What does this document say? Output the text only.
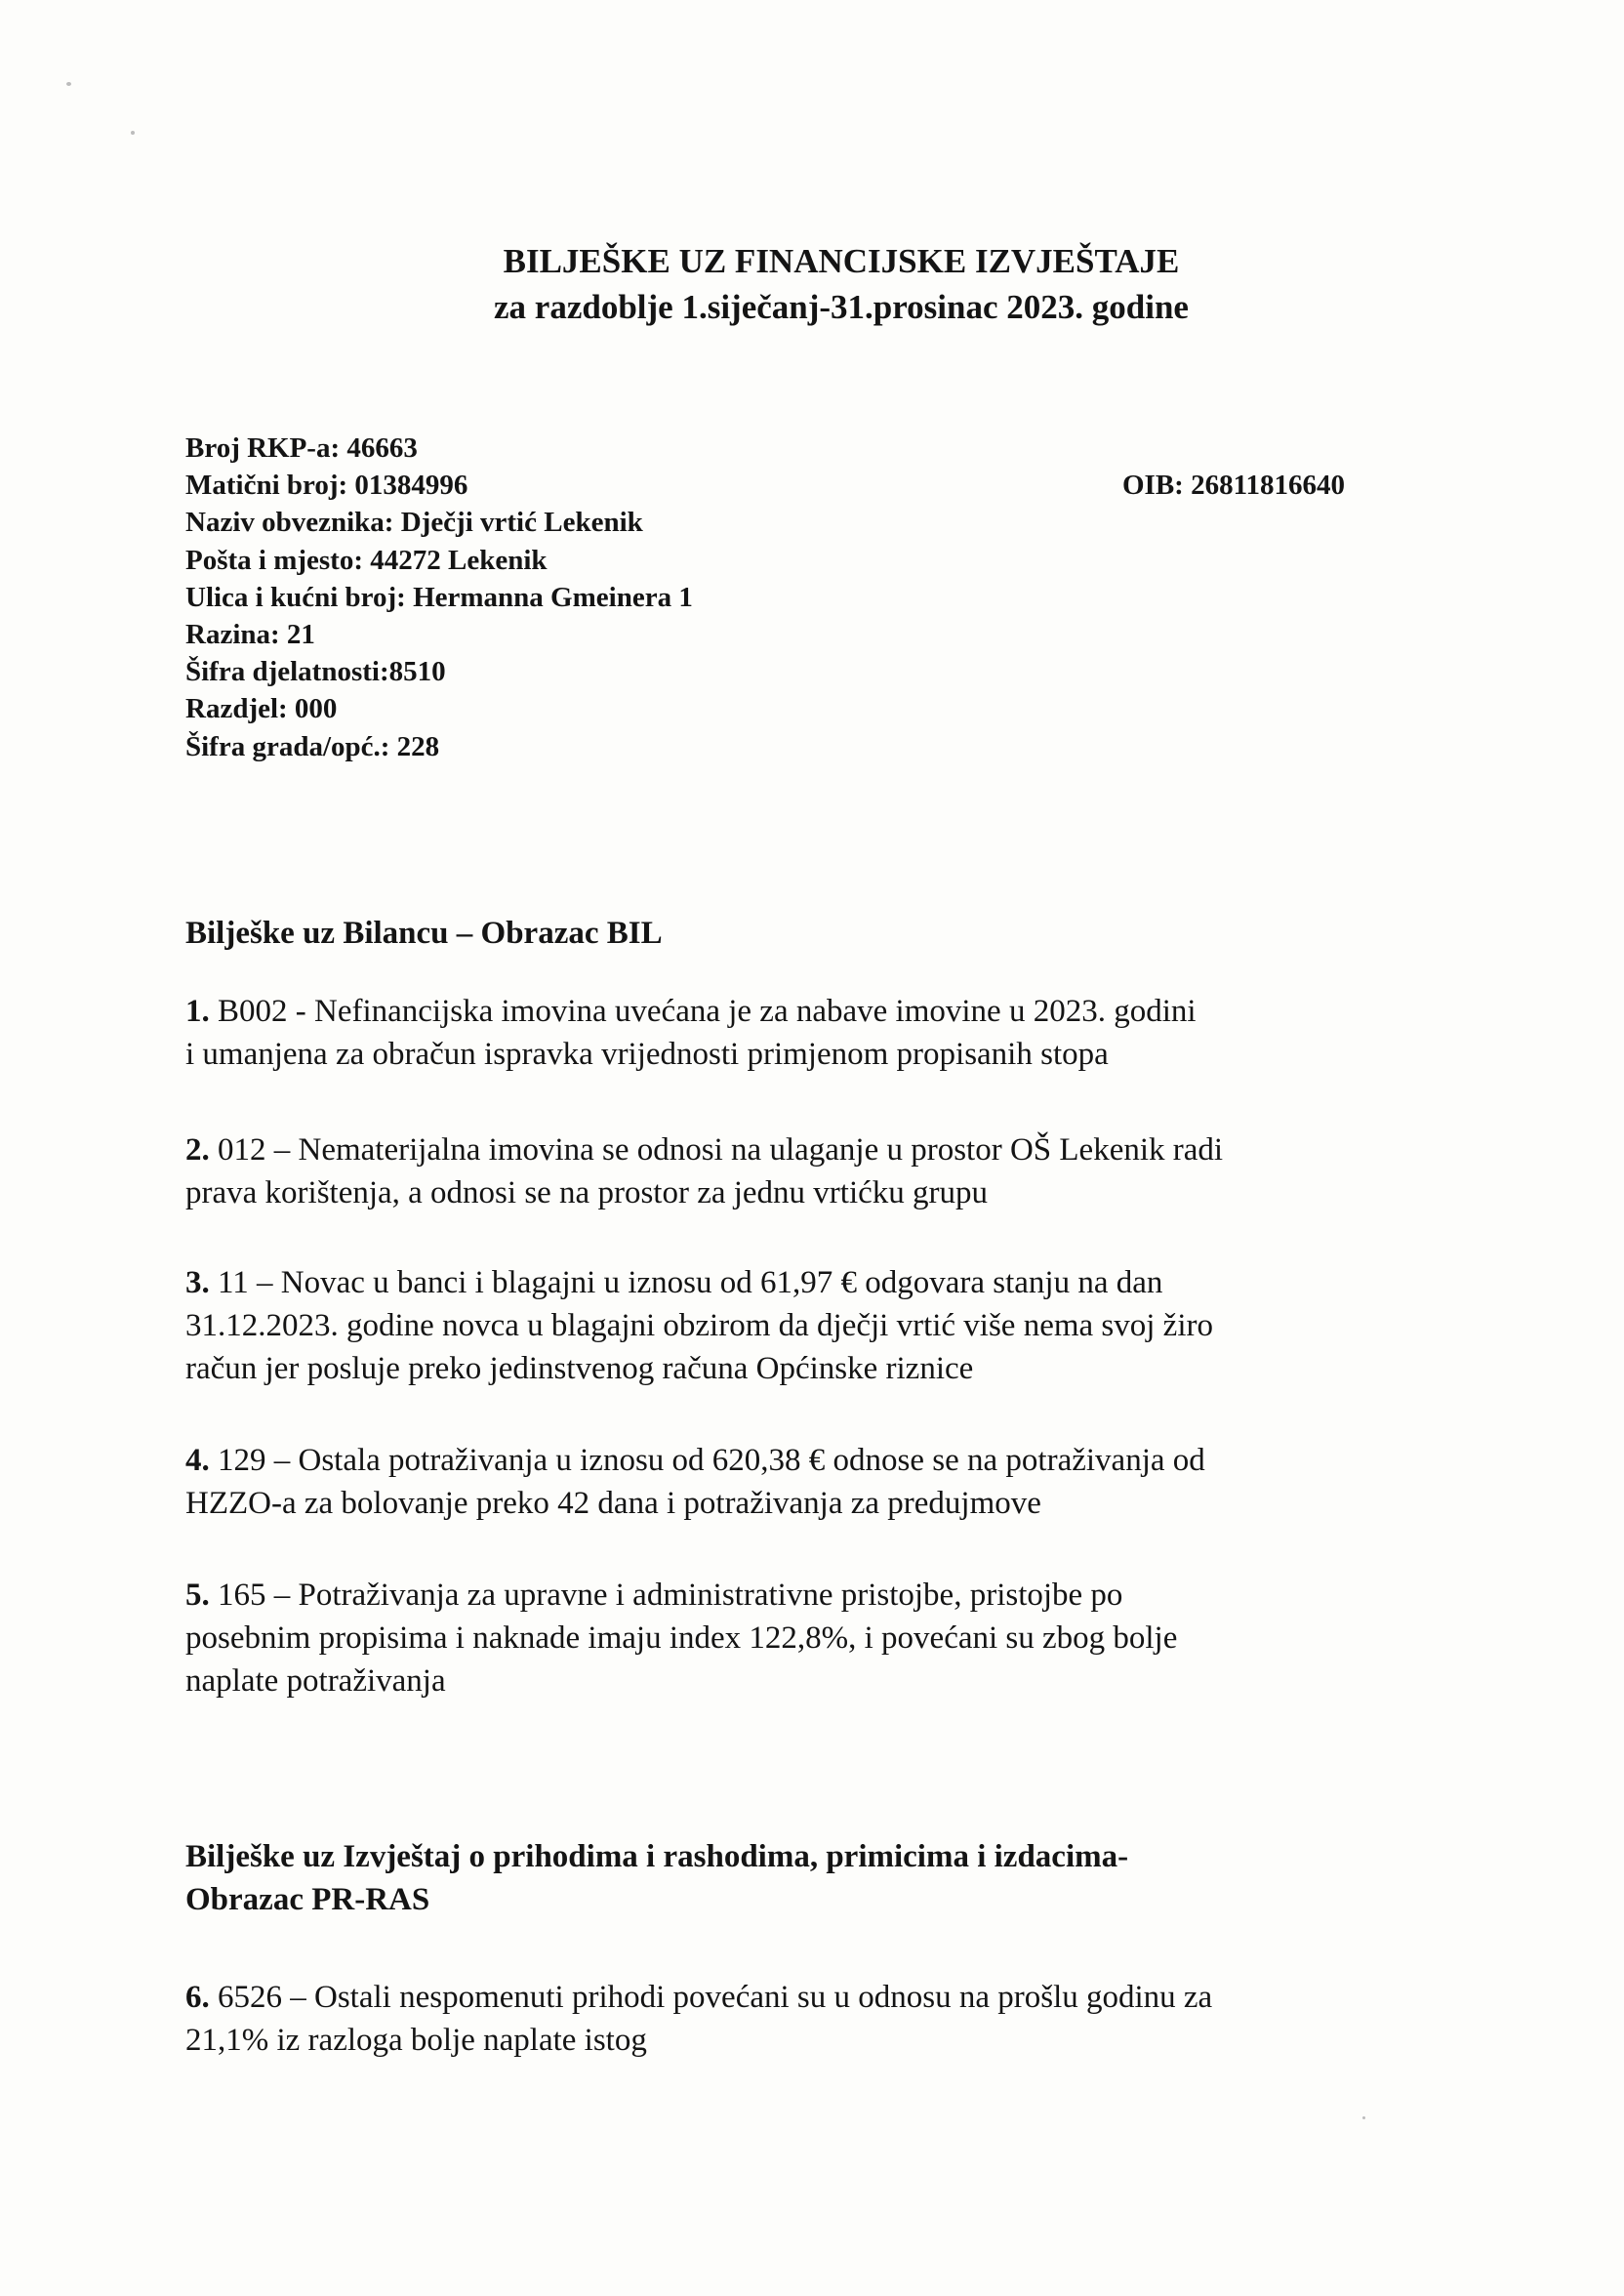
BILJEŠKE UZ FINANCIJSKE IZVJEŠTAJE

za razdoblje 1.siječanj-31.prosinac 2023. godine

Broj RKP-a: 46663

Matični broj: 01384996

Naziv obveznika: Dječji vrtić Lekenik

Pošta i mjesto: 44272 Lekenik

Ulica i kućni broj: Hermanna Gmeinera 1

Razina: 21

Šifra djelatnosti:8510

Razdjel: 000

Šifra grada/opć.: 228

OIB: 26811816640

Bilješke uz Bilancu – Obrazac BIL

1. B002 - Nefinancijska imovina uvećana je za nabave imovine u 2023. godini
i umanjena za obračun ispravka vrijednosti primjenom propisanih stopa
2. 012 – Nematerijalna imovina se odnosi na ulaganje u prostor OŠ Lekenik radi
prava korištenja, a odnosi se na prostor za jednu vrtićku grupu
3. 11 – Novac u banci i blagajni u iznosu od 61,97 € odgovara stanju na dan
31.12.2023. godine novca u blagajni obzirom da dječji vrtić više nema svoj žiro
račun jer posluje preko jedinstvenog računa Općinske riznice
4. 129 – Ostala potraživanja u iznosu od 620,38 € odnose se na potraživanja od
HZZO-a za bolovanje preko 42 dana i potraživanja za predujmove
5. 165 – Potraživanja za upravne i administrativne pristojbe, pristojbe po
posebnim propisima i naknade imaju index 122,8%, i povećani su zbog bolje
naplate potraživanja

Bilješke uz Izvještaj o prihodima i rashodima, primicima i izdacima-

Obrazac PR-RAS

6. 6526 – Ostali nespomenuti prihodi povećani su u odnosu na prošlu godinu za
21,1% iz razloga bolje naplate istog
